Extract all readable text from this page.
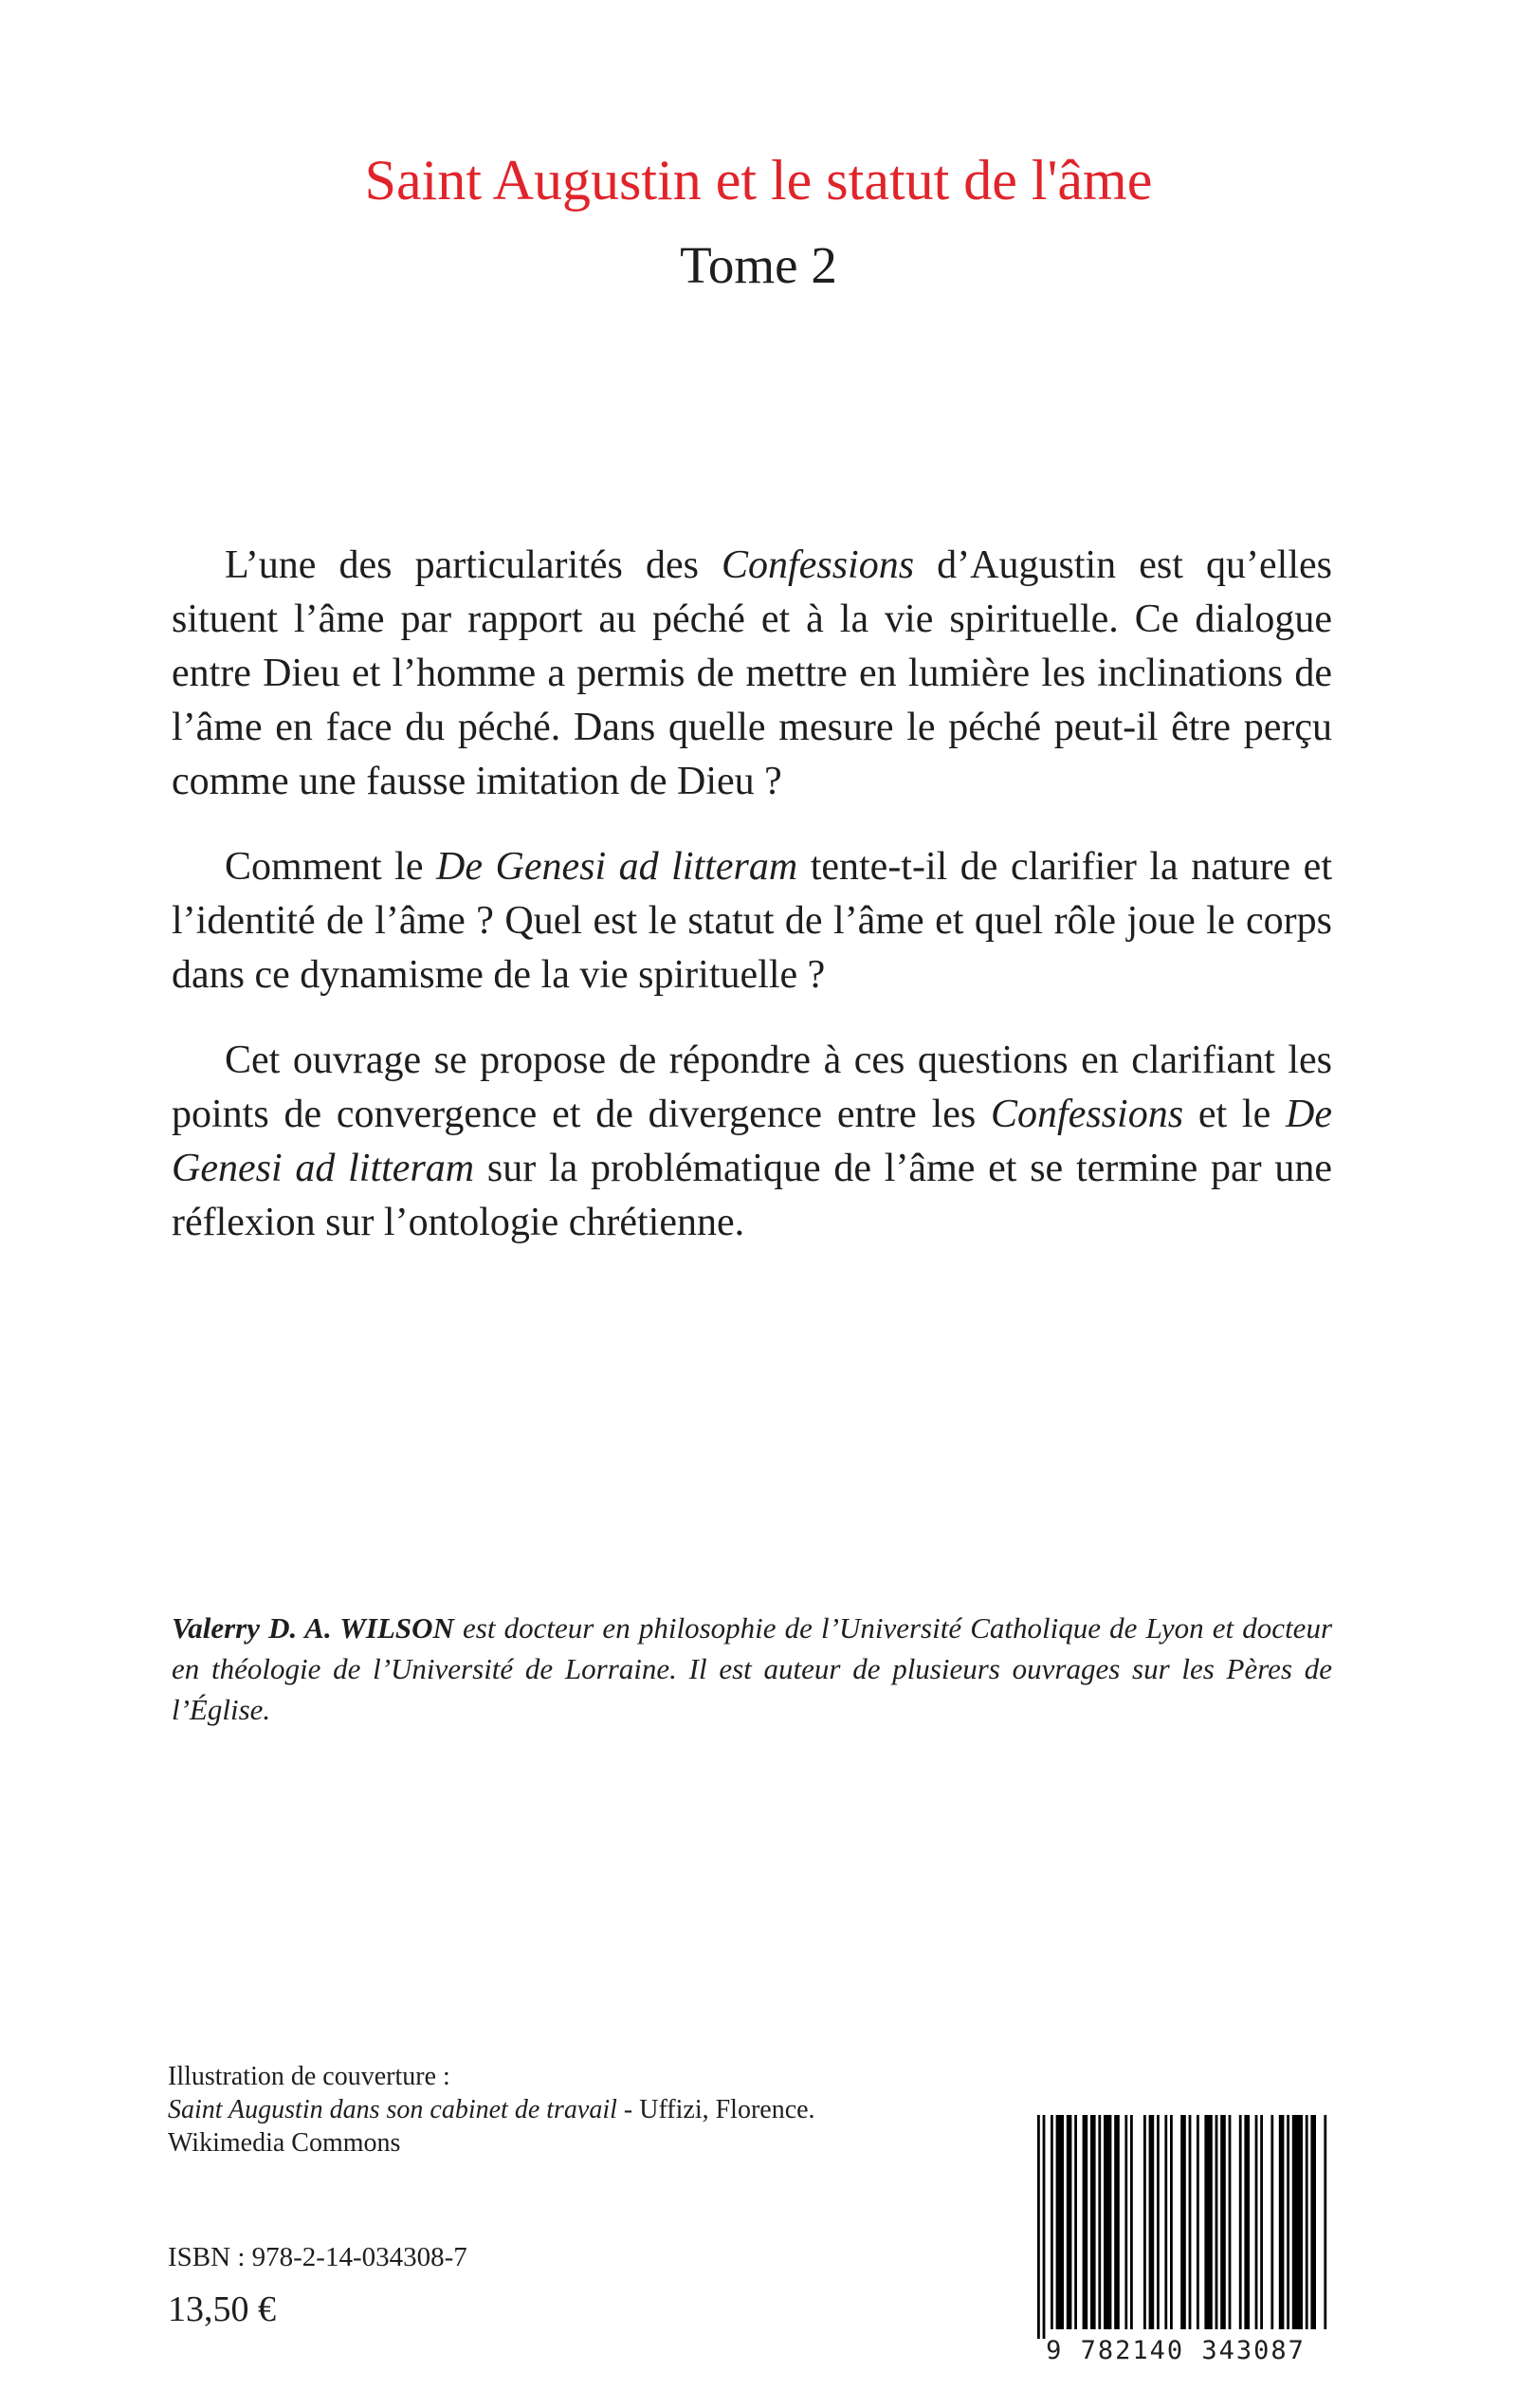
Saint Augustin et le statut de l'âme
Tome 2

L’une des particularités des Confessions d’Augustin est qu’elles situent l’âme par rapport au péché et à la vie spirituelle. Ce dialogue entre Dieu et l’homme a permis de mettre en lumière les inclinations de l’âme en face du péché. Dans quelle mesure le péché peut-il être perçu comme une fausse imitation de Dieu ?

Comment le De Genesi ad litteram tente-t-il de clarifier la nature et l’identité de l’âme ? Quel est le statut de l’âme et quel rôle joue le corps dans ce dynamisme de la vie spirituelle ?

Cet ouvrage se propose de répondre à ces questions en clarifiant les points de convergence et de divergence entre les Confessions et le De Genesi ad litteram sur la problématique de l’âme et se termine par une réflexion sur l’ontologie chrétienne.

Valerry D. A. WILSON est docteur en philosophie de l’Université Catholique de Lyon et docteur en théologie de l’Université de Lorraine. Il est auteur de plusieurs ouvrages sur les Pères de l’Église.

Illustration de couverture :
Saint Augustin dans son cabinet de travail - Uffizi, Florence.
Wikimedia Commons
ISBN : 978-2-14-034308-7
13,50 €
9 782140 343087
